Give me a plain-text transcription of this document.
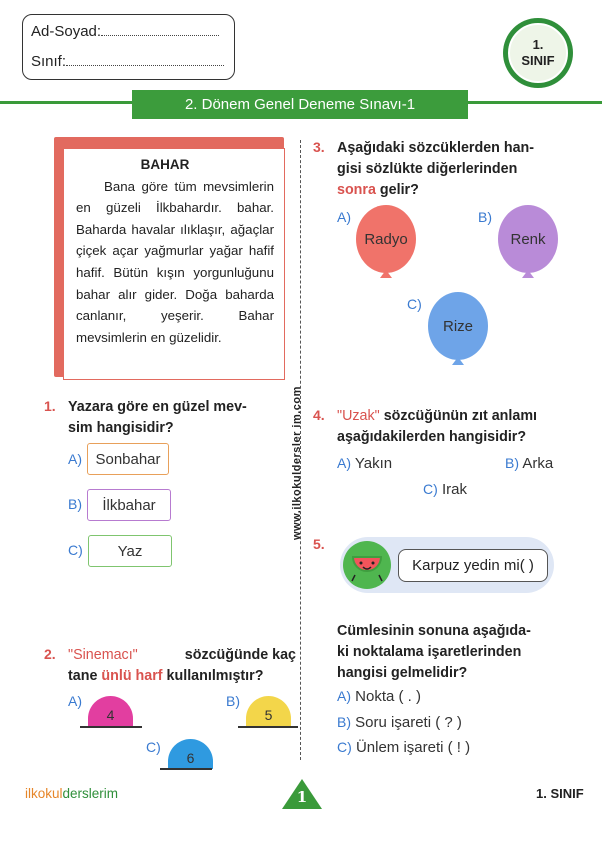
Ad-Soyad:
Sınıf:
1.
SINIF
2. Dönem Genel Deneme Sınavı-1
BAHAR
Bana göre tüm mevsimlerin en güzeli İlkbahardır. bahar. Baharda havalar ılıklaşır, ağaçlar çiçek açar yağmurlar yağar hafif hafif. Bütün kışın yorgunluğunu bahar alır gider. Doğa baharda canlanır, yeşerir. Bahar mevsimlerin en güzelidir.
www.ilkokuldersler im.com
1. Yazara göre en güzel mev-
sim hangisidir?
A) Sonbahar
B)	İlkbahar
C)	Yaz
2. "Sinemacı"	sözcüğünde kaç
tane ünlü harf kullanılmıştır?
A)
4
B)
5
C)
6
3. Aşağıdaki sözcüklerden han-
gisi sözlükte diğerlerinden
sonra gelir?
A)
Radyo
B)
Renk
C)
Rize
4. "Uzak" sözcüğünün zıt anlamı
aşağıdakilerden hangisidir?
A) Yakın	B) Arka
C) Irak
5.
Karpuz yedin mi( )
Cümlesinin sonuna aşağıda-
ki noktalama işaretlerinden
hangisi gelmelidir?
A) Nokta ( . )
B) Soru işareti ( ? )
C) Ünlem işareti ( ! )
ilkokulderslerim	1	1. SINIF
